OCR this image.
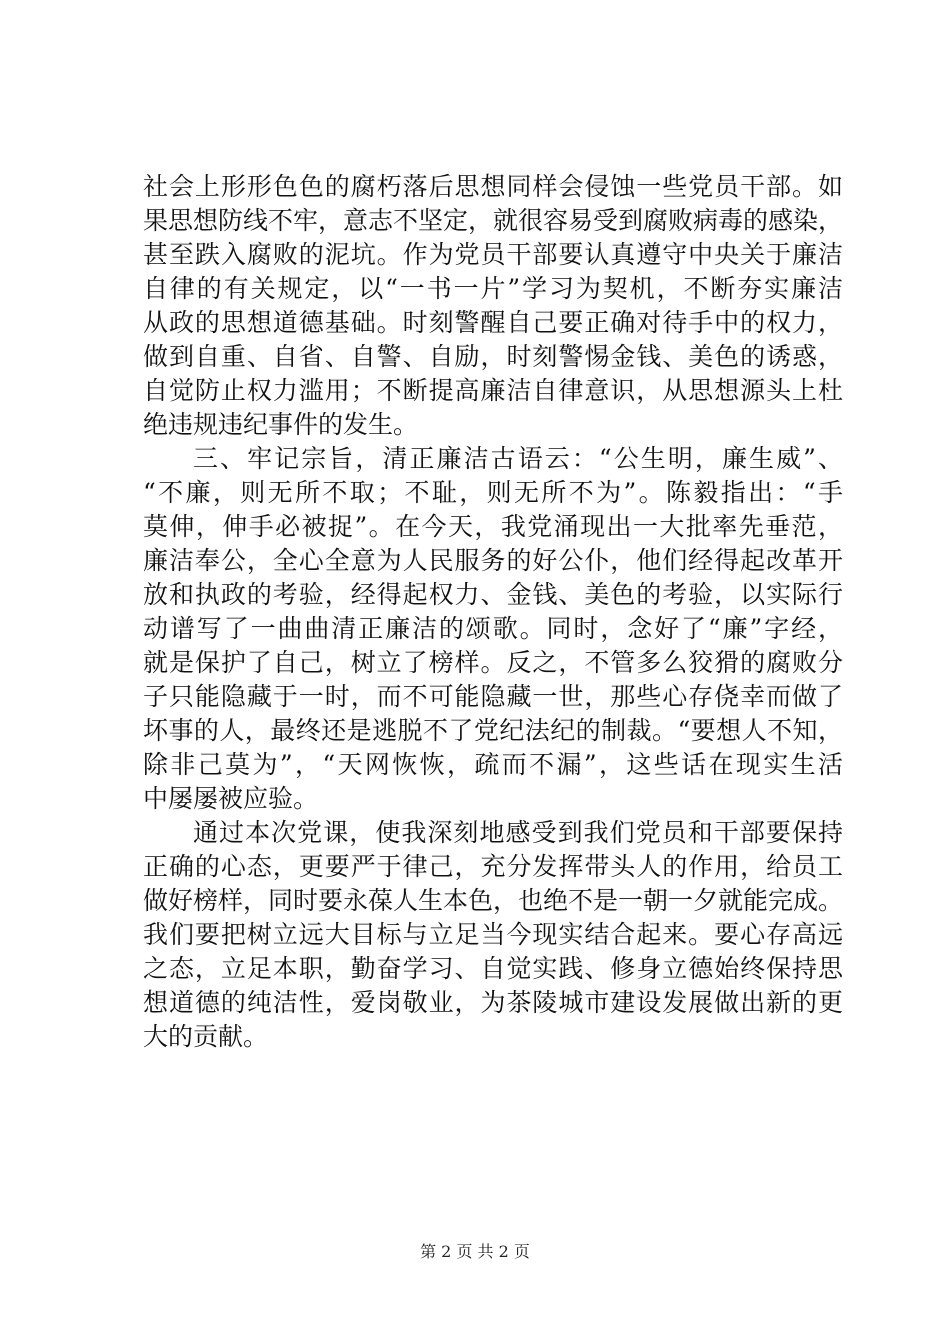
社会上形形色色的腐朽落后思想同样会侵蚀一些党员干部。如
果思想防线不牢，意志不坚定，就很容易受到腐败病毒的感染，
甚至跌入腐败的泥坑。作为党员干部要认真遵守中央关于廉洁
自律的有关规定，以“一书一片”学习为契机，不断夯实廉洁
从政的思想道德基础。时刻警醒自己要正确对待手中的权力，
做到自重、自省、自警、自励，时刻警惕金钱、美色的诱惑，
自觉防止权力滥用；不断提高廉洁自律意识，从思想源头上杜
绝违规违纪事件的发生。
三、牢记宗旨，清正廉洁古语云：“公生明，廉生威”、
“不廉，则无所不取；不耻，则无所不为”。陈毅指出：“手
莫伸，伸手必被捉”。在今天，我党涌现出一大批率先垂范，
廉洁奉公，全心全意为人民服务的好公仆，他们经得起改革开
放和执政的考验，经得起权力、金钱、美色的考验，以实际行
动谱写了一曲曲清正廉洁的颂歌。同时，念好了“廉”字经，
就是保护了自己，树立了榜样。反之，不管多么狡猾的腐败分
子只能隐藏于一时，而不可能隐藏一世，那些心存侥幸而做了
坏事的人，最终还是逃脱不了党纪法纪的制裁。“要想人不知，
除非己莫为”，“天网恢恢，疏而不漏”，这些话在现实生活
中屡屡被应验。
通过本次党课，使我深刻地感受到我们党员和干部要保持
正确的心态，更要严于律己，充分发挥带头人的作用，给员工
做好榜样，同时要永葆人生本色，也绝不是一朝一夕就能完成。
我们要把树立远大目标与立足当今现实结合起来。要心存高远
之态，立足本职，勤奋学习、自觉实践、修身立德始终保持思
想道德的纯洁性，爱岗敬业，为茶陵城市建设发展做出新的更
大的贡献。
第 2 页 共 2 页
